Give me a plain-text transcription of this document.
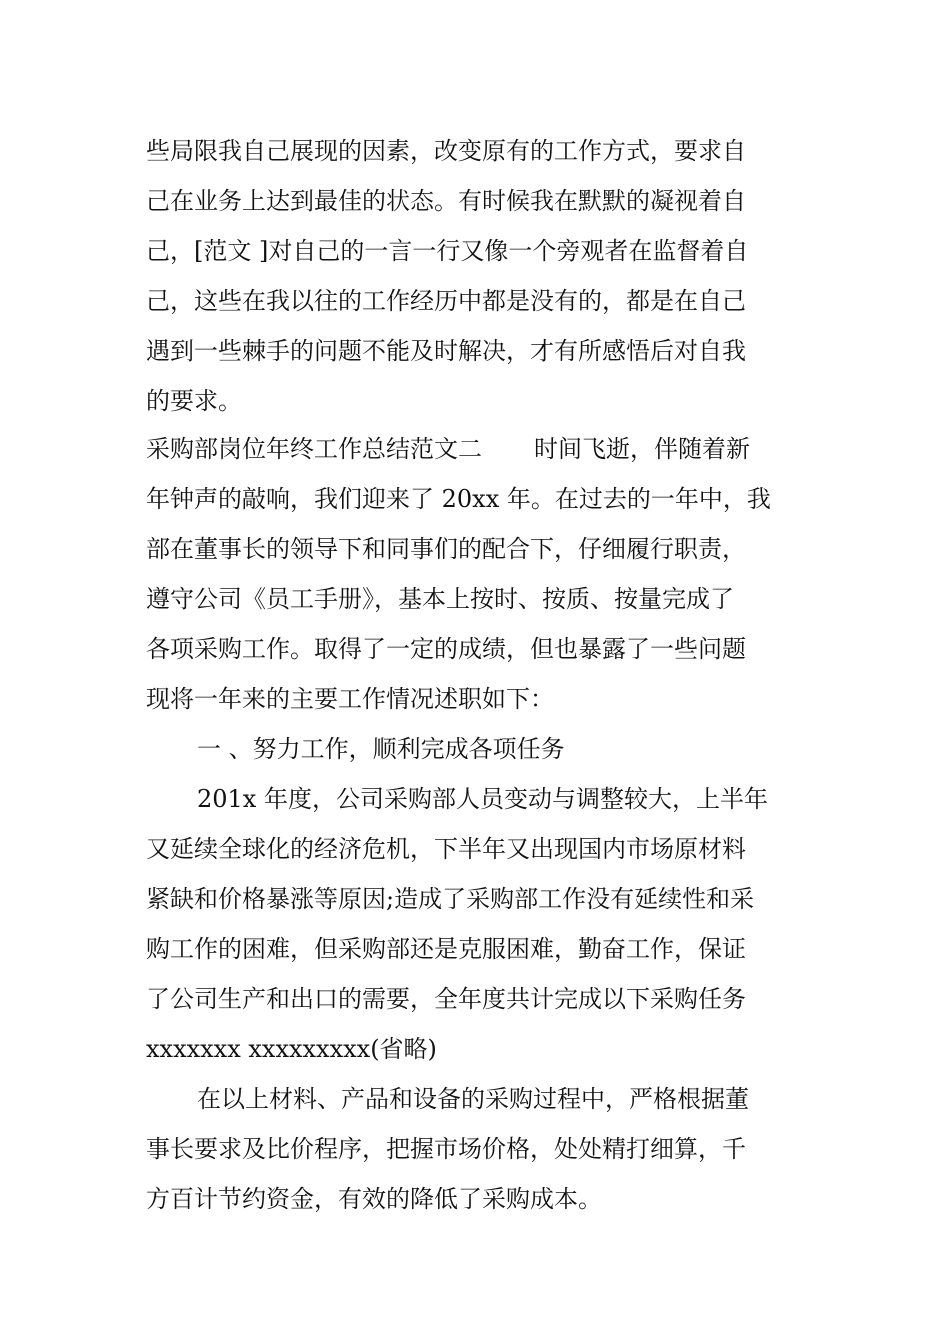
些局限我自己展现的因素，改变原有的工作方式，要求自
己在业务上达到最佳的状态。有时候我在默默的凝视着自
己，[范文 ]对自己的一言一行又像一个旁观者在监督着自
己，这些在我以往的工作经历中都是没有的，都是在自己
遇到一些棘手的问题不能及时解决，才有所感悟后对自我
的要求。
采购部岗位年终工作总结范文二 时间飞逝，伴随着新
年钟声的敲响，我们迎来了 20xx 年。在过去的一年中，我
部在董事长的领导下和同事们的配合下，仔细履行职责，
遵守公司《员工手册》，基本上按时、按质、按量完成了
各项采购工作。取得了一定的成绩，但也暴露了一些问题
现将一年来的主要工作情况述职如下：
一 、努力工作，顺利完成各项任务
201x 年度，公司采购部人员变动与调整较大，上半年
又延续全球化的经济危机，下半年又出现国内市场原材料
紧缺和价格暴涨等原因;造成了采购部工作没有延续性和采
购工作的困难，但采购部还是克服困难，勤奋工作，保证
了公司生产和出口的需要，全年度共计完成以下采购任务
xxxxxxx xxxxxxxxx(省略)
在以上材料、产品和设备的采购过程中，严格根据董
事长要求及比价程序，把握市场价格，处处精打细算，千
方百计节约资金，有效的降低了采购成本。
